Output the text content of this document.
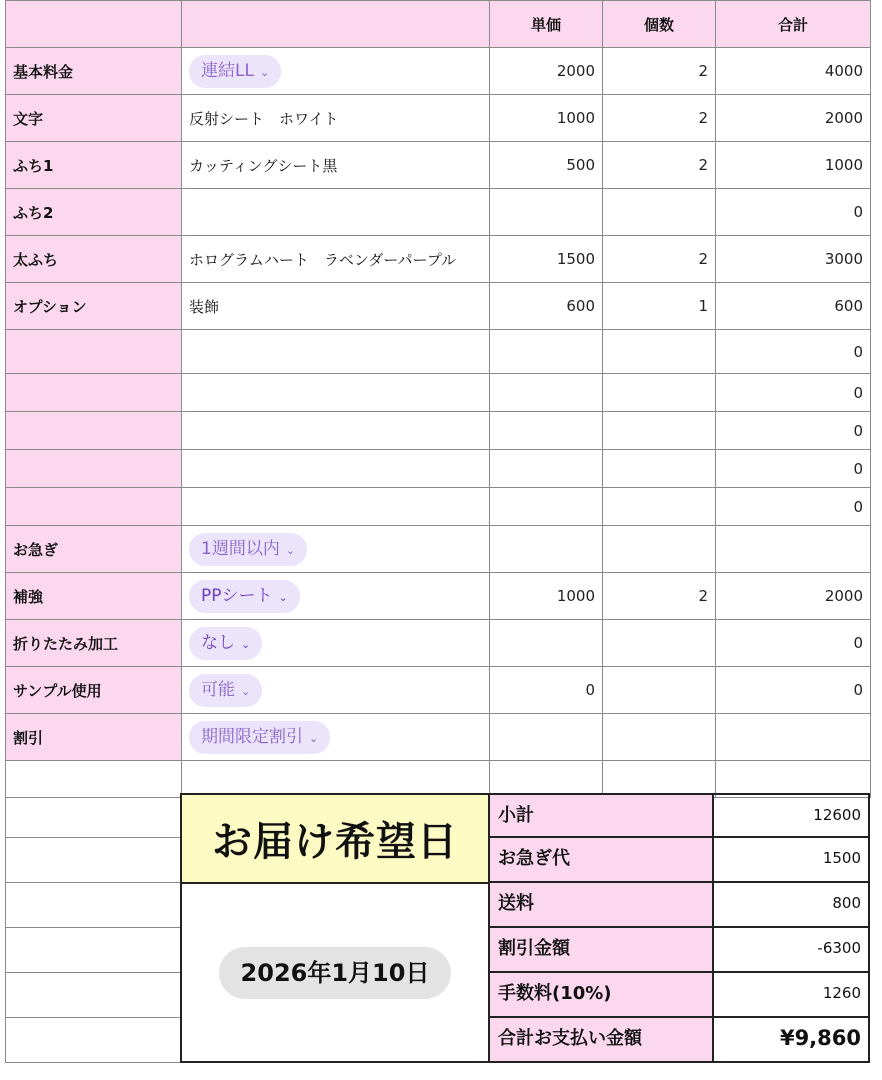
		単価	個数	合計
基本料金	連結LL ⌄	2000	2	4000
文字	反射シート　ホワイト	1000	2	2000
ふち1	カッティングシート黒	500	2	1000
ふち2				0
太ふち	ホログラムハート　ラベンダーパープル	1500	2	3000
オプション	装飾	600	1	600
				0
				0
				0
				0
				0
お急ぎ	1週間以内 ⌄			
補強	PPシート ⌄	1000	2	2000
折りたたみ加工	なし ⌄			0
サンプル使用	可能 ⌄	0		0
割引	期間限定割引 ⌄			

お届け希望日
2026年1月10日
小計	12600
お急ぎ代	1500
送料	800
割引金額	-6300
手数料(10%)	1260
合計お支払い金額	¥9,860
